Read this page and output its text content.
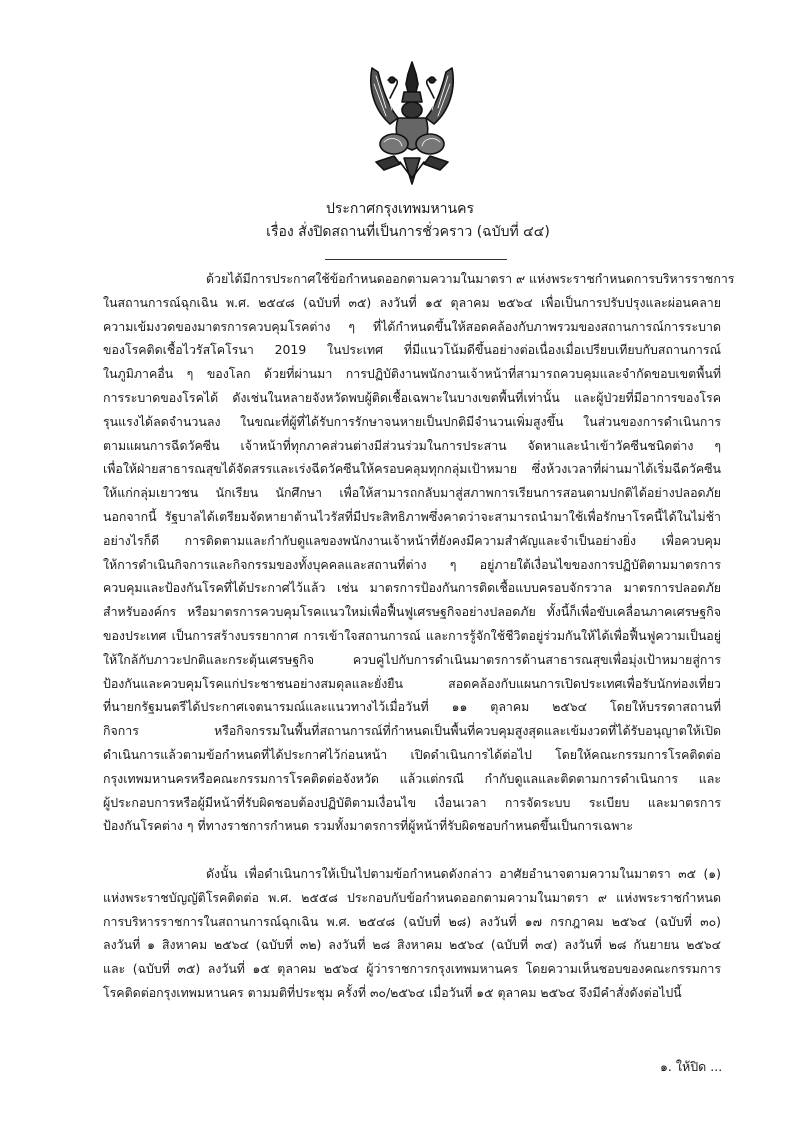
ประกาศกรุงเทพมหานคร
เรื่อง สั่งปิดสถานที่เป็นการชั่วคราว (ฉบับที่ ๔๔)
ด้วยได้มีการประกาศใช้ข้อกำหนดออกตามความในมาตรา ๙ แห่งพระราชกำหนดการบริหารราชการ
ในสถานการณ์ฉุกเฉิน พ.ศ. ๒๕๔๘ (ฉบับที่ ๓๕) ลงวันที่ ๑๕ ตุลาคม ๒๕๖๔ เพื่อเป็นการปรับปรุงและผ่อนคลาย
ความเข้มงวดของมาตรการควบคุมโรคต่าง ๆ ที่ได้กำหนดขึ้นให้สอดคล้องกับภาพรวมของสถานการณ์การระบาด
ของโรคติดเชื้อไวรัสโคโรนา 2019 ในประเทศ ที่มีแนวโน้มดีขึ้นอย่างต่อเนื่องเมื่อเปรียบเทียบกับสถานการณ์
ในภูมิภาคอื่น ๆ ของโลก ด้วยที่ผ่านมา การปฏิบัติงานพนักงานเจ้าหน้าที่สามารถควบคุมและจำกัดขอบเขตพื้นที่
การระบาดของโรคได้ ดังเช่นในหลายจังหวัดพบผู้ติดเชื้อเฉพาะในบางเขตพื้นที่เท่านั้น และผู้ป่วยที่มีอาการของโรค
รุนแรงได้ลดจำนวนลง ในขณะที่ผู้ที่ได้รับการรักษาจนหายเป็นปกติมีจำนวนเพิ่มสูงขึ้น ในส่วนของการดำเนินการ
ตามแผนการฉีดวัคซีน เจ้าหน้าที่ทุกภาคส่วนต่างมีส่วนร่วมในการประสาน จัดหาและนำเข้าวัคซีนชนิดต่าง ๆ
เพื่อให้ฝ่ายสาธารณสุขได้จัดสรรและเร่งฉีดวัคซีนให้ครอบคลุมทุกกลุ่มเป้าหมาย ซึ่งห้วงเวลาที่ผ่านมาได้เริ่มฉีดวัคซีน
ให้แก่กลุ่มเยาวชน นักเรียน นักศึกษา เพื่อให้สามารถกลับมาสู่สภาพการเรียนการสอนตามปกติได้อย่างปลอดภัย
นอกจากนี้ รัฐบาลได้เตรียมจัดหายาต้านไวรัสที่มีประสิทธิภาพซึ่งคาดว่าจะสามารถนำมาใช้เพื่อรักษาโรคนี้ได้ในไม่ช้า
อย่างไรก็ดี การติดตามและกำกับดูแลของพนักงานเจ้าหน้าที่ยังคงมีความสำคัญและจำเป็นอย่างยิ่ง เพื่อควบคุม
ให้การดำเนินกิจการและกิจกรรมของทั้งบุคคลและสถานที่ต่าง ๆ อยู่ภายใต้เงื่อนไขของการปฏิบัติตามมาตรการ
ควบคุมและป้องกันโรคที่ได้ประกาศไว้แล้ว เช่น มาตรการป้องกันการติดเชื้อแบบครอบจักรวาล มาตรการปลอดภัย
สำหรับองค์กร หรือมาตรการควบคุมโรคแนวใหม่เพื่อฟื้นฟูเศรษฐกิจอย่างปลอดภัย ทั้งนี้ก็เพื่อขับเคลื่อนภาคเศรษฐกิจ
ของประเทศ เป็นการสร้างบรรยากาศ การเข้าใจสถานการณ์ และการรู้จักใช้ชีวิตอยู่ร่วมกันให้ได้เพื่อฟื้นฟูความเป็นอยู่
ให้ใกล้กับภาวะปกติและกระตุ้นเศรษฐกิจ ควบคู่ไปกับการดำเนินมาตรการด้านสาธารณสุขเพื่อมุ่งเป้าหมายสู่การ
ป้องกันและควบคุมโรคแก่ประชาชนอย่างสมดุลและยั่งยืน สอดคล้องกับแผนการเปิดประเทศเพื่อรับนักท่องเที่ยว
ที่นายกรัฐมนตรีได้ประกาศเจตนารมณ์และแนวทางไว้เมื่อวันที่ ๑๑ ตุลาคม ๒๕๖๔ โดยให้บรรดาสถานที่
กิจการ หรือกิจกรรมในพื้นที่สถานการณ์ที่กำหนดเป็นพื้นที่ควบคุมสูงสุดและเข้มงวดที่ได้รับอนุญาตให้เปิด
ดำเนินการแล้วตามข้อกำหนดที่ได้ประกาศไว้ก่อนหน้า เปิดดำเนินการได้ต่อไป โดยให้คณะกรรมการโรคติดต่อ
กรุงเทพมหานครหรือคณะกรรมการโรคติดต่อจังหวัด แล้วแต่กรณี กำกับดูแลและติดตามการดำเนินการ และ
ผู้ประกอบการหรือผู้มีหน้าที่รับผิดชอบต้องปฏิบัติตามเงื่อนไข เงื่อนเวลา การจัดระบบ ระเบียบ และมาตรการ
ป้องกันโรคต่าง ๆ ที่ทางราชการกำหนด รวมทั้งมาตรการที่ผู้หน้าที่รับผิดชอบกำหนดขึ้นเป็นการเฉพาะ
ดังนั้น เพื่อดำเนินการให้เป็นไปตามข้อกำหนดดังกล่าว อาศัยอำนาจตามความในมาตรา ๓๕ (๑)
แห่งพระราชบัญญัติโรคติดต่อ พ.ศ. ๒๕๕๘ ประกอบกับข้อกำหนดออกตามความในมาตรา ๙ แห่งพระราชกำหนด
การบริหารราชการในสถานการณ์ฉุกเฉิน พ.ศ. ๒๕๔๘ (ฉบับที่ ๒๘) ลงวันที่ ๑๗ กรกฎาคม ๒๕๖๔ (ฉบับที่ ๓๐)
ลงวันที่ ๑ สิงหาคม ๒๕๖๔ (ฉบับที่ ๓๒) ลงวันที่ ๒๘ สิงหาคม ๒๕๖๔ (ฉบับที่ ๓๔) ลงวันที่ ๒๘ กันยายน ๒๕๖๔
และ (ฉบับที่ ๓๕) ลงวันที่ ๑๕ ตุลาคม ๒๕๖๔ ผู้ว่าราชการกรุงเทพมหานคร โดยความเห็นชอบของคณะกรรมการ
โรคติดต่อกรุงเทพมหานคร ตามมติที่ประชุม ครั้งที่ ๓๐/๒๕๖๔ เมื่อวันที่ ๑๕ ตุลาคม ๒๕๖๔ จึงมีคำสั่งดังต่อไปนี้
๑. ให้ปิด ...
